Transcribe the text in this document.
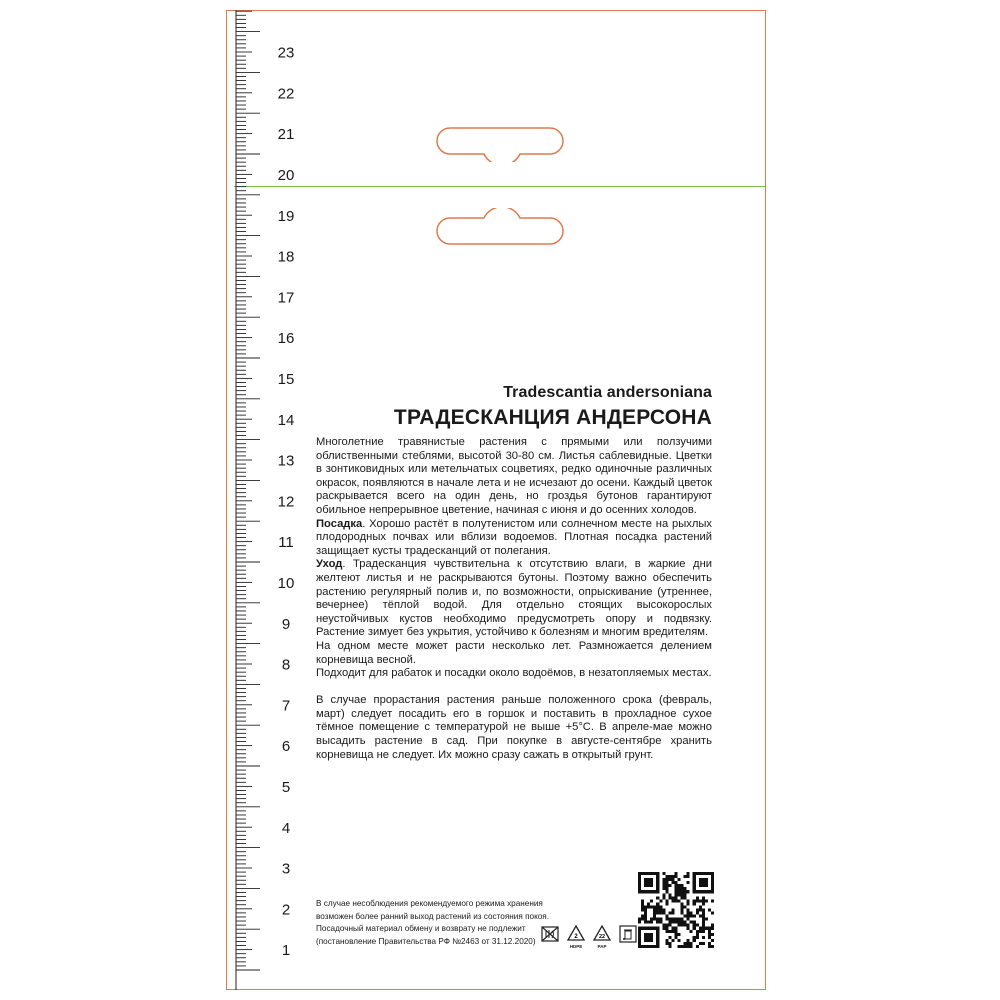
1
2
3
4
5
6
7
8
9
10
11
12
13
14
15
16
17
18
19
20
21
22
23
Tradescantia andersoniana
ТРАДЕСКАНЦИЯ АНДЕРСОНА

Многолетние травянистые растения с прямыми или ползучими облиственными стеблями, высотой 30-80 см. Листья саблевидные. Цветки в зонтиковидных или метельчатых соцветиях, редко одиночные различных окрасок, появляются в начале лета и не исчезают до осени. Каждый цветок раскрывается всего на один день, но гроздья бутонов гарантируют обильное непрерывное цветение, начиная с июня и до осенних холодов.

Посадка. Хорошо растёт в полутенистом или солнечном месте на рыхлых плодородных почвах или вблизи водоемов. Плотная посадка растений защищает кусты традесканций от полегания.

Уход. Традесканция чувствительна к отсутствию влаги, в жаркие дни желтеют листья и не раскрываются бутоны. Поэтому важно обеспечить растению регулярный полив и, по возможности, опрыскивание (утреннее, вечернее) тёплой водой. Для отдельно стоящих высокорослых неустойчивых кустов необходимо предусмотреть опору и подвязку. Растение зимует без укрытия, устойчиво к болезням и многим вредителям.

На одном месте может расти несколько лет. Размножается делением корневища весной.

Подходит для рабаток и посадки около водоёмов, в незатопляемых местах.

В случае прорастания растения раньше положенного срока (февраль, март) следует посадить его в горшок и поставить в прохладное сухое тёмное помещение с температурой не выше +5°С. В апреле-мае можно высадить растение в сад. При покупке в августе-сентябре хранить корневища не следует. Их можно сразу сажать в открытый грунт.

В случае несоблюдения рекомендуемого режима хранения
возможен более ранний выход растений из состояния покоя.
Посадочный материал обмену и возврату не подлежит
(постановление Правительства РФ №2463 от 31.12.2020)	2
HDPE
22
PAP
